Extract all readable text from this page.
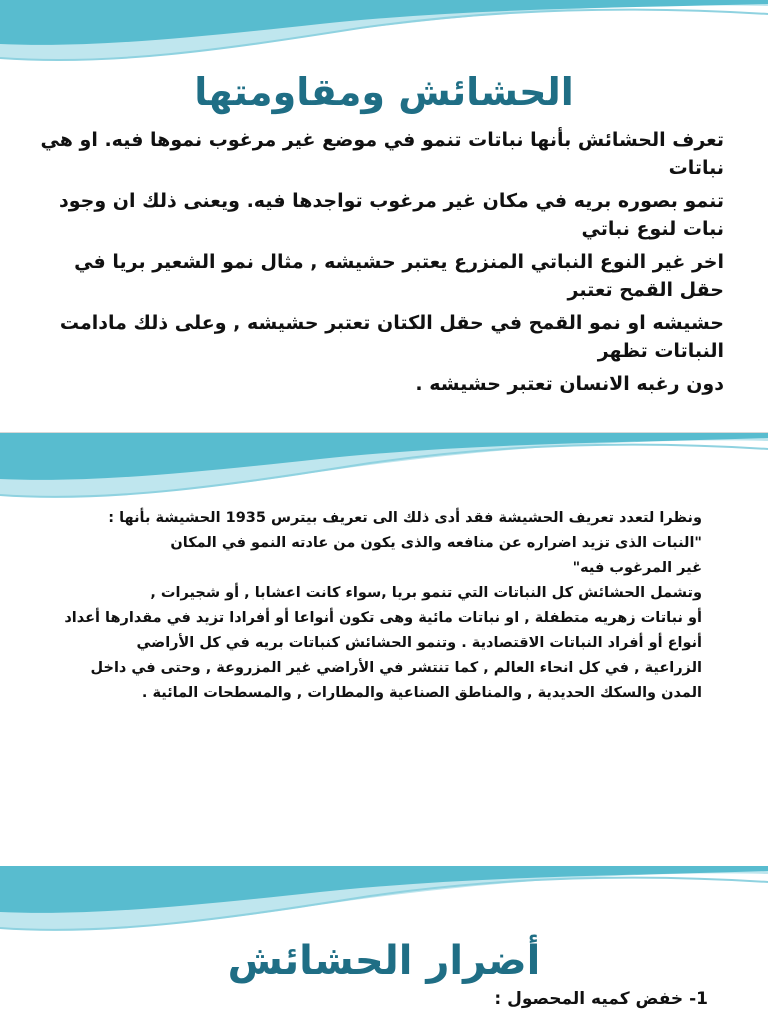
الحشائش ومقاومتها

تعرف الحشائش بأنها نباتات تنمو في موضع غير مرغوب نموها فيه. او هي نباتات

تنمو بصوره بريه في مكان غير مرغوب تواجدها فيه. ويعنى ذلك ان وجود نبات لنوع نباتي

اخر غير النوع النباتي المنزرع يعتبر حشيشه , مثال نمو الشعير بريا في حقل القمح تعتبر

حشيشه او نمو القمح في حقل الكتان تعتبر حشيشه , وعلى ذلك مادامت النباتات تظهر

دون رغبه الانسان تعتبر حشيشه .

ونظرا لتعدد تعريف الحشيشة فقد أدى ذلك الى تعريف بيترس 1935 الحشيشة بأنها :

"النبات الذى تزيد اضراره عن منافعه والذى يكون من عادته النمو في المكان

غير المرغوب فيه"

وتشمل الحشائش كل النباتات التي تنمو بريا ,سواء كانت اعشابا , أو شجيرات ,

أو نباتات زهريه متطفلة , او نباتات مائية وهى تكون أنواعا أو أفرادا تزيد في مقدارها أعداد

أنواع أو أفراد النباتات الاقتصادية . وتنمو الحشائش كنباتات بريه في كل الأراضي

الزراعية , في كل انحاء العالم , كما تنتشر في الأراضي غير المزروعة , وحتى في داخل

المدن والسكك الحديدية , والمناطق الصناعية والمطارات , والمسطحات المائية .

أضرار الحشائش

1- خفض كميه المحصول :
